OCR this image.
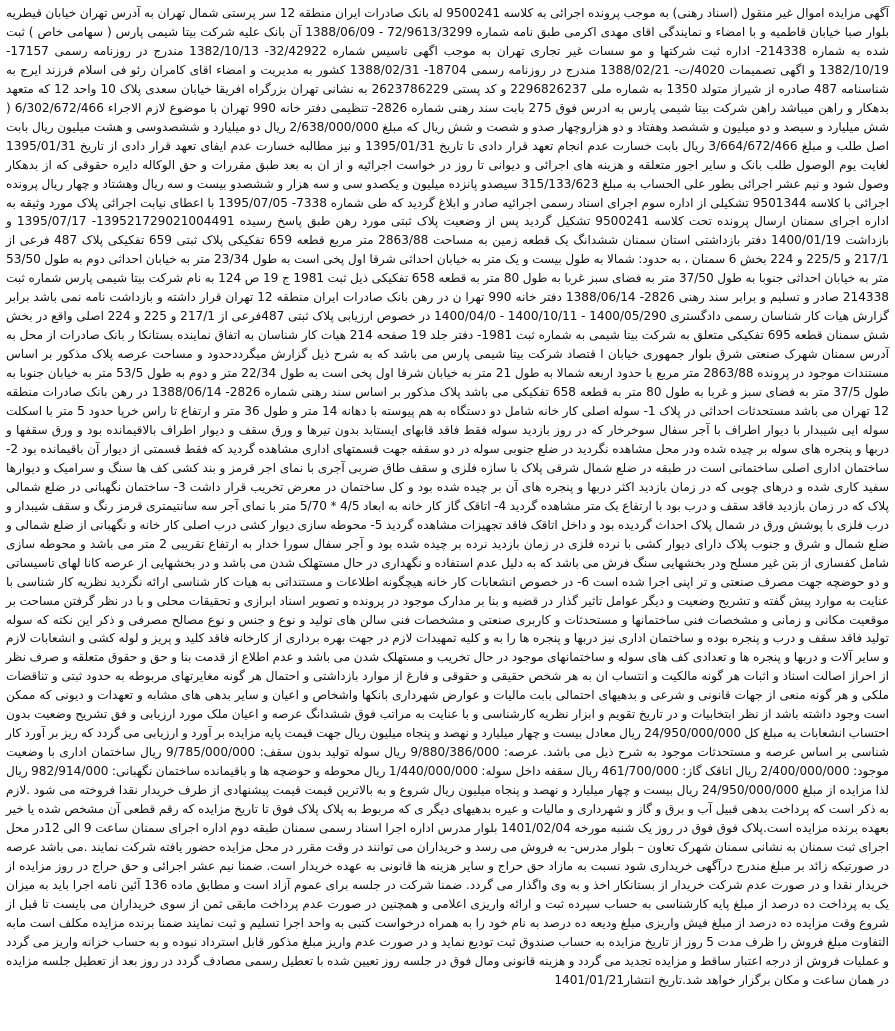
آگهی مزایده اموال غیر منقول (اسناد رهنی) به موجب پرونده اجرائی به کلاسه 9500241 له بانک صادرات ایران منطقه 12 سر پرستی شمال تهران به آدرس تهران خیابان قیطریه بلوار صبا خیابان قاطمیه و با امضاء و نمایندگی اقای مهدی اکرمی طبق نامه شماره 72/9613/3299 - 1388/06/09 آن بانک علیه شرکت بیتا شیمی پارس ( سهامی خاص ) ثبت شده به شماره 214338- اداره ثبت شرکتها و مو سسات غیر تجاری تهران به موجب اگهی تاسیس شماره 32/42922- 1382/10/13 مندرج در روزنامه رسمی 17157- 1382/10/19 و اگهی تصمیمات 4020/ت- 1388/02/21 مندرج در روزنامه رسمی 18704- 1388/02/31 کشور به مدیریت و امضاء اقای کامران رئو فی اسلام فرزند ایرج به شناسنامه 487 صادره از شیراز متولد 1350 به شماره ملی 2296826237 و کد پستی 2623786229 به نشانی تهران بزرگراه افریقا خیابان سعدی پلاک 10 واحد 12 که متعهد بدهکار و راهن میباشد راهن شرکت بیتا شیمی پارس به ادرس فوق 275 بابت سند رهنی شماره 2826- تنظیمی دفتر خانه 990 تهران با موضوع لازم الاجراء 6/302/672/466 ( شش میلیارد و سیصد و دو میلیون و ششصد وهفتاد و دو هزاروچهار صدو و شصت و شش ریال که مبلغ 2/638/000/000 ریال دو میلیارد و ششصدوسی و هشت میلیون ریال بابت اصل طلب و مبلغ 3/664/672/466 ریال بابت خسارت عدم انجام تعهد قرار دادی تا تاریخ 1395/01/31 و نیز مطالبه خسارت عدم ایفای تعهد قرار دادی از تاریخ 1395/01/31 لغایت یوم الوصول طلب بانک و سایر اجور متعلقه و هزینه های اجرائی و دیوانی تا روز در خواست اجرائیه و از ان به بعد طبق مقررات و حق الوکاله دایره حقوقی که از بدهکار وصول شود و نیم عشر اجرائی بطور علی الحساب به مبلغ 315/133/623 سیصدو پانزده میلیون و یکصدو سی و سه هزار و ششصدو بیست و سه ریال وهشتاد و چهار ریال پرونده اجرائی با کلاسه 9501344 تشکیلی از اداره سوم اجرای اسناد رسمی اجرائیه صادر و ابلاغ گردید که طی شماره 7338- 1395/07/05 با اعطای نیابت اجرائی پلاک مورد وثیقه به اداره اجرای سمنان ارسال پرونده تحت کلاسه 9500241 تشکیل گردید پس از وضعیت پلاک ثبتی مورد رهن طبق پاسخ رسیده 139521729021004491- 1395/07/17 و بازداشت 1400/01/19 دفتر بازداشتی استان سمنان ششدانگ یک قطعه زمین به مساحت 2863/88 متر مربع قطعه 659 تفکیکی پلاک ثبتی 659 تفکیکی پلاک 487 فرعی از 217/1 و 225/5 و 224 بخش 6 سمنان ، به حدود: شمالا به طول بیست و یک متر به خیابان احداثی شرقا اول پخی است به طول 23/34 متر به خیابان احداثی دوم به طول 53/50 متر به خیابان احداثی جنوبا به طول 37/50 متر به فضای سبز غربا به طول 80 متر به قطعه 658 تفکیکی ذیل ثبت 1981 ج 19 ص 124 به نام شرکت بیتا شیمی پارس شماره ثبت 214338 صادر و تسلیم و برابر سند رهنی 2826- 1388/06/14 دفتر خانه 990 تهرا ن در رهن بانک صادرات ایران منطقه 12 تهران قرار داشته و بازداشت نامه نمی باشد برابر گزارش هیات کار شناسان رسمی دادگستری 1400/05/290 - 1400/10/11 - 1400/04/0 در خصوص ارزیابی پلاک ثبتی 487فرعی از 217/1 و 225 و 224 اصلی واقع در بخش شش سمنان قطعه 695 تفکیکی متعلق به شرکت بیتا شیمی به شماره ثبت 1981- دفتر جلد 19 صفحه 214 هیات کار شناسان به اتفاق نماینده بستانکا ر بانک صادرات از محل به آدرس سمنان شهرک صنعتی شرق بلوار جمهوری خیابان ا قتصاد شرکت بیتا شیمی پارس می باشد که به شرح ذیل گزارش میگرددحدود و مساحت عرصه پلاک مذکور بر اساس مستندات موجود در پرونده 2863/88 متر مربع با حدود اربعه شمالا به طول 21 متر به خیابان شرقا اول پخی است به طول 22/34 متر و دوم به طول 53/5 متر به خیابان جنوبا به طول 37/5 متر به فضای سبز و غربا به طول 80 متر به قطعه 658 تفکیکی می باشد پلاک مذکور بر اساس سند رهنی شماره 2826- 1388/06/14 در رهن بانک صادرات منطقه 12 تهران می باشد مستحدثات احداثی در پلاک 1- سوله اصلی کار خانه شامل دو دستگاه به هم پیوسته با دهانه 14 متر و طول 36 متر و ارتفاع تا راس خرپا حدود 5 متر با اسکلت سوله ایی شیبدار با دیوار اطراف با آجر سفال سوخرخار که در روز بازدید سوله فقط فاقد قابهای ایستابد بدون تیرها و ورق سقف و دیوار اطراف بالاقیمانده بود و ورق سقفها و دربها و پنجره های سوله بر چیده شده ودر محل مشاهده نگردید در ضلع جنوبی سوله در دو سقفه جهت قسمتهای اداری مشاهده گردید که فقط قسمتی از دیوار آن باقیمانده بود 2- ساختمان اداری اصلی ساختمانی است در طبقه در ضلع شمال شرقی پلاک با سازه فلزی و سقف طاق ضربی آجری با نمای اجر قرمز و بند کشی کف ها سنگ و سرامیک و دیوارها سفید کاری شده و درهای چوبی که در زمان بازدید اکثر دربها و پنجره های آن بر چیده شده بود و کل ساختمان در معرض تخریب قرار داشت 3- ساختمان نگهبانی در ضلع شمالی پلاک که در زمان بازدید فاقد سقف و درب بود با ارتفاع یک متر مشاهده گردید 4- اتاقک گاز کار خانه به ابعاد 4/5 * 5/70 متر با نمای آجر سه سانتیمتری قرمز رنگ و سقف شیبدار و درب فلزی با پوشش ورق در شمال پلاک احداث گردیده بود و داخل اتاقک فاقد تجهیزات مشاهده گردید 5- محوطه سازی دیوار کشی درب اصلی کار خانه و نگهبانی از ضلع شمالی و ضلع شمال و شرق و جنوب پلاک دارای دیوار کشی با نرده فلزی در زمان بازدید نرده بر چیده شده بود و آجر سفال سورا خدار به ارتفاع تقریبی 2 متر می باشد و محوطه سازی شامل کفسازی از بتن غیر مسلح ودر بخشهایی سنگ فرش می باشد که به دلیل عدم استفاده و نگهداری در حال مستهلک شدن می باشد و در بخشهایی از عرصه کانا لهای تاسیساتی و دو حوضچه جهت مصرف صنعتی و تر اپنی اجرا شده است 6- در خصوص انشعابات کار خانه هیچگونه اطلاعات و مستنداتی به هیات کار شناسی ارائه نگردید نظریه کار شناسی با عنایت به موارد پیش گفته و تشریح وضعیت و دیگر عوامل تاثیر گذار در قضیه و بنا بر مدارک موجود در پرونده و تصویر اسناد ابرازی و تحقیقات محلی و با در نظر گرفتن مساحت بر موقعیت مکانی و زمانی و مشخصات فنی ساختمانها و مستحدثات و کاربری صنعتی و مشخصات فنی سالن های تولید و نوع و جنس و نوع مصالح مصرفی و ذکر این نکته که سوله تولید فاقد سقف و درب و پنجره بوده و ساختمان اداری نیز دربها و پنجره ها را به و کلیه تمهیدات لازم در جهت بهره برداری از کارخانه فاقد کلید و پریز و لوله کشی و انشعابات لازم و سایر آلات و دربها و پنجره ها و تعدادی کف های سوله و ساختمانهای موجود در حال تخریب و مستهلک شدن می باشد و عدم اطلاع از قدمت بنا و حق و حقوق متعلقه و صرف نظر از احراز اصالت اسناد و اثبات هر گونه مالکیت و انتساب ان به هر شخص حقیقی و حقوقی و فارغ از موارد بازداشتی و احتمال هر گونه مغایرتهای مربوطه به حدود ثبتی و تناقضات ملکی و هر گونه منعی از جهات قانونی و شرعی و بدهیهای احتمالی بابت مالیات و عوارض شهرداری بانکها واشخاص و اعیان و سایر بدهی های مشابه و تعهدات و دیونی که ممکن است وجود داشته باشد از نظر ابتخابیات و در تاریخ تقویم و ابزار نظریه کارشناسی و با عنایت به مراتب فوق ششدانگ عرصه و اعیان ملک مورد ارزیابی و فق تشریح وضعیت بدون احتساب انشعابات به مبلغ کل 24/950/000/000 ریال معادل بیست و چهار میلیارد و نهصد و پنجاه میلیون ریال جهت قیمت پایه مزایده بر آورد و ارزیابی می گردد که ریز بر آورد کار شناسی بر اساس عرصه و مستحدثات موجود به شرح ذیل می باشد. عرصه: 9/880/386/000 ریال سوله تولید بدون سقف: 9/785/000/000 ریال ساختمان اداری با وضعیت موجود: 2/400/000/000 ریال اتاقک گاز: 461/700/000 ریال سقفه داخل سوله: 1/440/000/000 ریال محوطه و حوضچه ها و باقیمانده ساختمان نگهبانی: 982/914/000 ریال لذا مزایده از مبلغ 24/950/000/000 ریال بیست و چهار میلیارد و نهصد و پنجاه میلیون ریال شروع و به بالاترین قیمت قیمت پیشنهادی از طرف خریدار نقدا فروخته می شود .لازم به ذکر است که پرداخت بدهی قبیل آب و برق و گاز و شهرداری و مالیات و عیره بدهیهای دیگر ی که مربوط به پلاک پلاک فوق تا تاریخ مزایده که رقم قطعی آن مشخص شده یا خیر بعهده برنده مزایده است.پلاک فوق فوق در روز یک شنبه مورخه 1401/02/04 بلوار مدرس اداره اجرا اسناد رسمی سمنان طبقه دوم اداره اجرای سمنان ساعت 9 الی 12در محل اجرای ثبت سمنان به نشانی سمنان شهرک تعاون – بلوار مدرس- به فروش می رسد و خریداران می توانند در وقت مقرر در محل مزایده حضور یافته شرکت نمایند .می باشد عرصه در صورتیکه زائد بر مبلغ مندرج درآگهی خریداری شود نسبت به مازاد حق حراج و سایر هزینه ها قانونی به عهده خریدار است. ضمنا نیم عشر اجرائی و حق حراج در روز مزایده از خریدار نقدا و در صورت عدم شرکت خریدار از بستانکار اخذ و به وی واگذار می گردد. ضمنا شرکت در جلسه برای عموم آزاد است و مطابق ماده 136 آئین نامه اجرا باید به میزان یک به پرداخت ده درصد از مبلغ پایه کارشناسی به حساب سپرده ثبت و ارائه واریزی اعلامی و همچنین در صورت عدم پرداخت مابقی ثمن از سوی خریداران می بایست تا قبل از شروع وقت مزایده ده درصد از مبلغ فیش واریزی مبلغ ودیعه ده درصد به نام خود را به همراه درخواست کتبی به واحد اجرا تسلیم و ثبت نمایند ضمنا برنده مزایده مکلف است مابه التفاوت مبلغ فروش را ظرف مدت 5 روز از تاریخ مزایده به حساب صندوق ثبت تودیع نماید و در صورت عدم واریز مبلغ مذکور قابل استرداد نبوده و به حساب خزانه واریز می گردد و عملیات فروش از درجه اعتبار ساقط و مزایده تجدید می گردد و هزینه قانونی ومال فوق در جلسه روز تعیین شده با تعطیل رسمی مصادف گردد در روز بعد از تعطیل جلسه مزایده در همان ساعت و مکان برگزار خواهد شد.تاریخ انتشار1401/01/21
